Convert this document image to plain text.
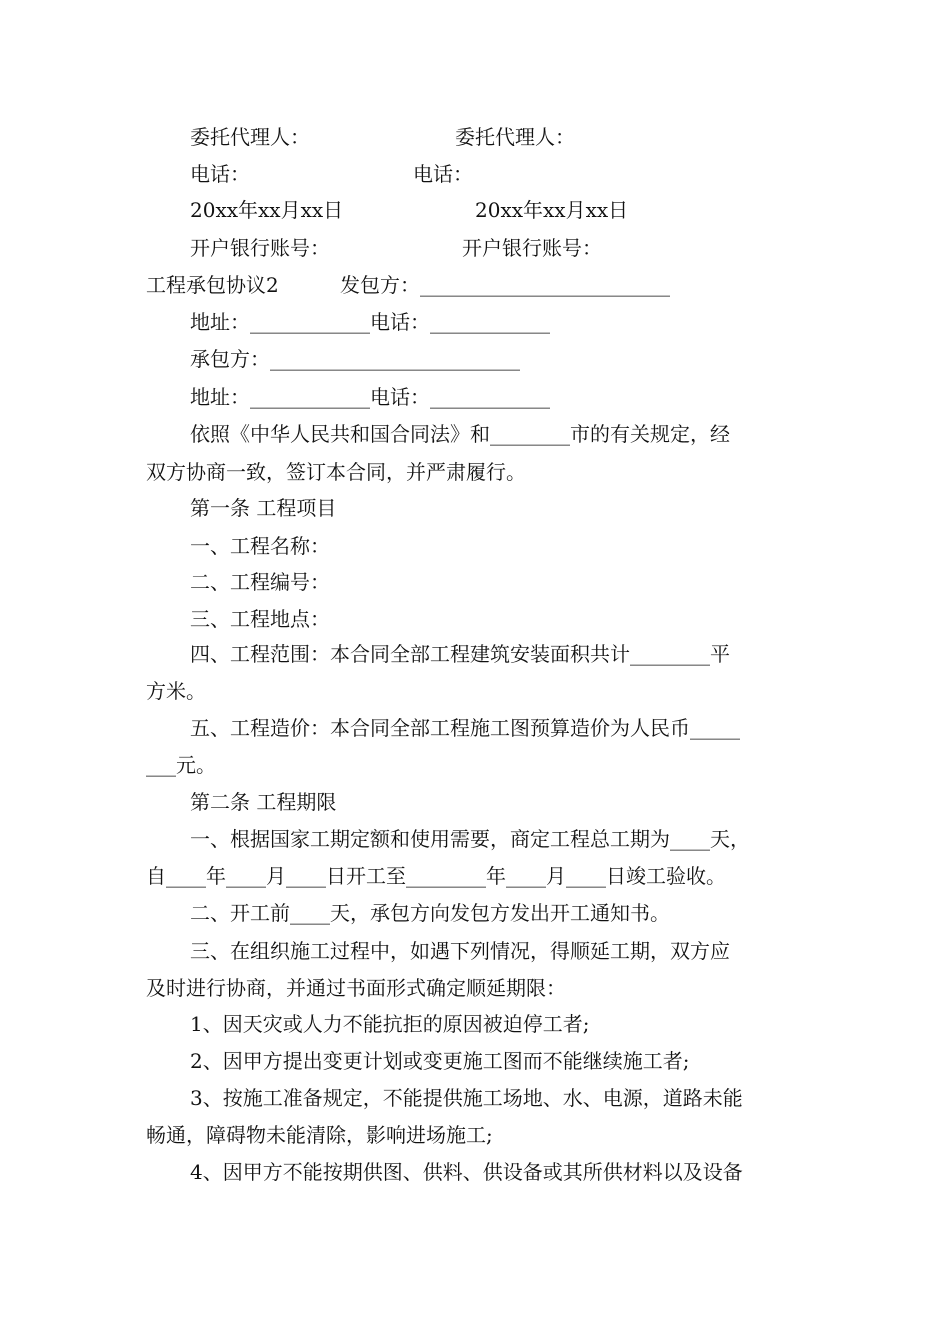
委托代理人：	委托代理人：
电话：	电话：
20xx年xx月xx日	20xx年xx月xx日
开户银行账号：	开户银行账号：
工程承包协议2	发包方：_________________________
地址：____________电话：____________
承包方：_________________________
地址：____________电话：____________
依照《中华人民共和国合同法》和________市的有关规定，经
双方协商一致，签订本合同，并严肃履行。
第一条 工程项目
一、工程名称：
二、工程编号：
三、工程地点：
四、工程范围：本合同全部工程建筑安装面积共计________平
方米。
五、工程造价：本合同全部工程施工图预算造价为人民币_____
___元。
第二条 工程期限
一、根据国家工期定额和使用需要，商定工程总工期为____天，
自____年____月____日开工至________年____月____日竣工验收。
二、开工前____天，承包方向发包方发出开工通知书。
三、在组织施工过程中，如遇下列情况，得顺延工期，双方应
及时进行协商，并通过书面形式确定顺延期限：
1、因天灾或人力不能抗拒的原因被迫停工者;
2、因甲方提出变更计划或变更施工图而不能继续施工者;
3、按施工准备规定，不能提供施工场地、水、电源，道路未能
畅通，障碍物未能清除，影响进场施工;
4、因甲方不能按期供图、供料、供设备或其所供材料以及设备
